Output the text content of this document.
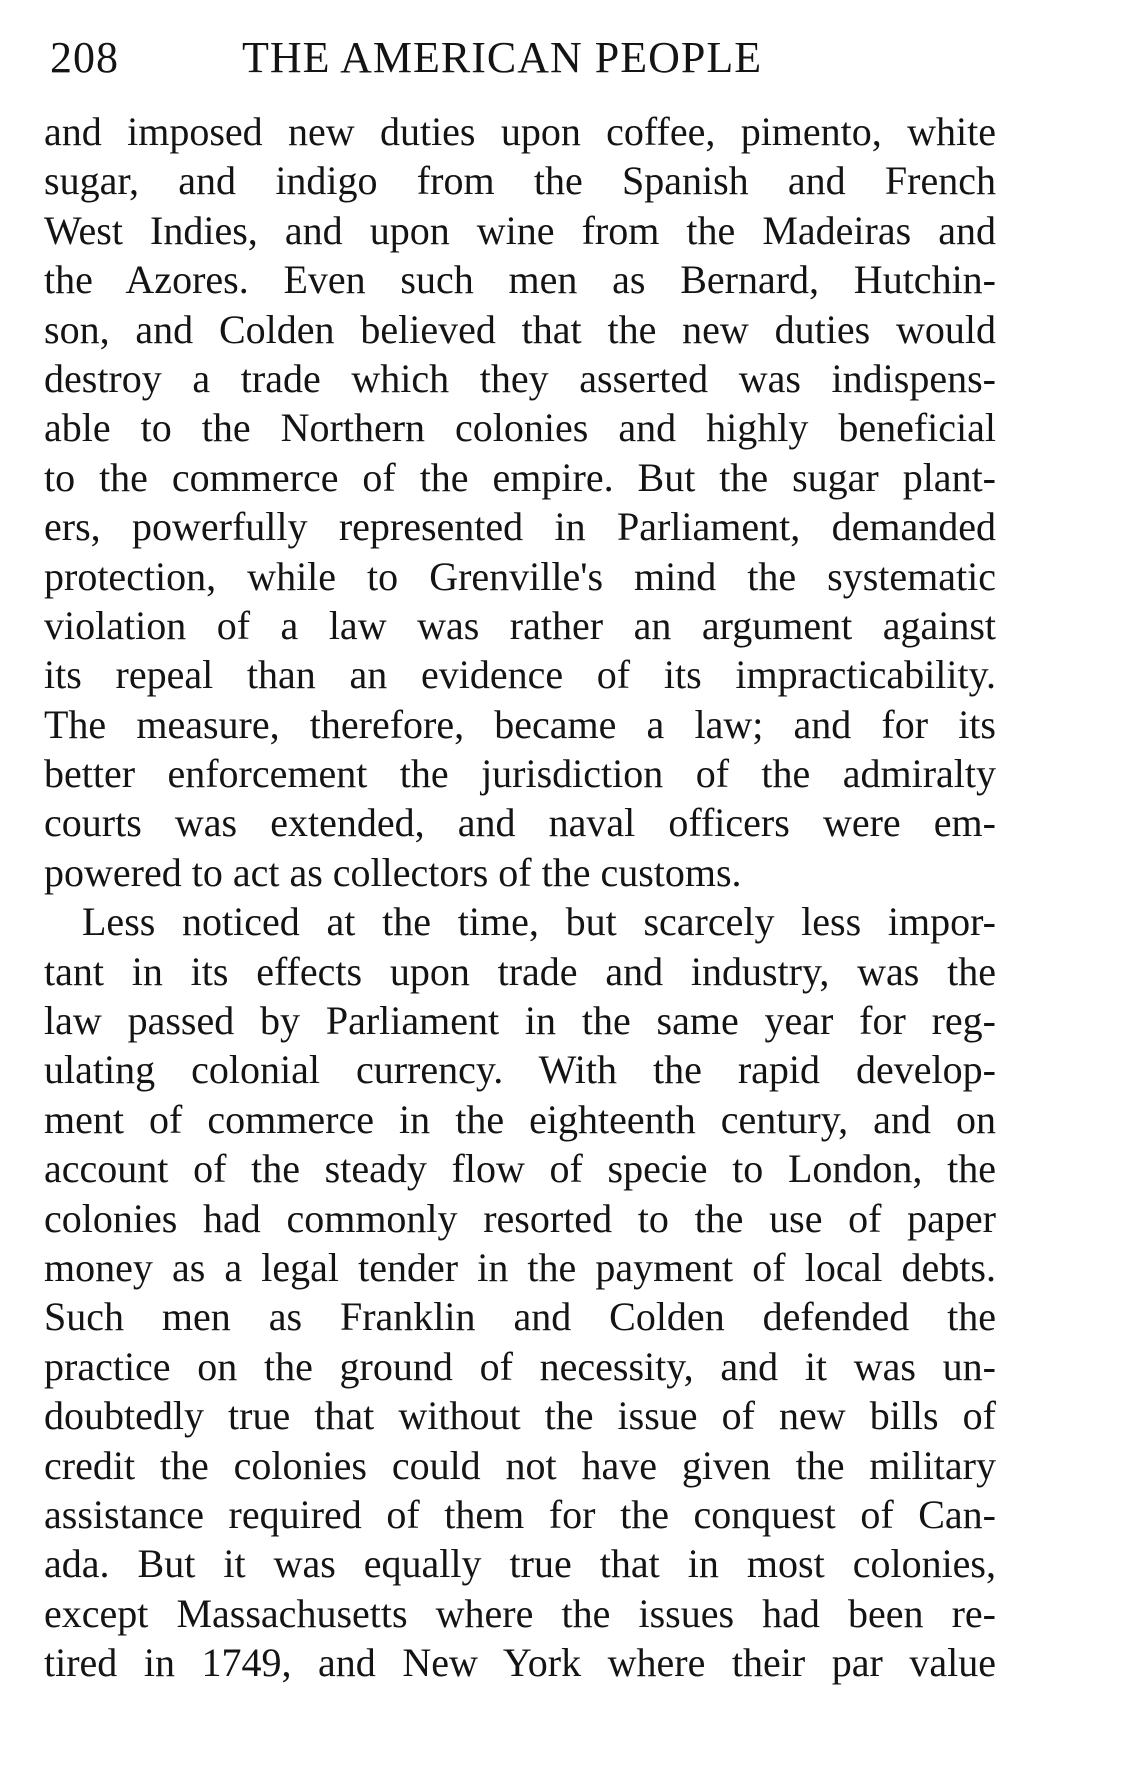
208	THE AMERICAN PEOPLE
and imposed new duties upon coffee, pimento, white
sugar, and indigo from the Spanish and French
West Indies, and upon wine from the Madeiras and
the Azores. Even such men as Bernard, Hutchin-
son, and Colden believed that the new duties would
destroy a trade which they asserted was indispens-
able to the Northern colonies and highly beneficial
to the commerce of the empire. But the sugar plant-
ers, powerfully represented in Parliament, demanded
protection, while to Grenville's mind the systematic
violation of a law was rather an argument against
its repeal than an evidence of its impracticability.
The measure, therefore, became a law; and for its
better enforcement the jurisdiction of the admiralty
courts was extended, and naval officers were em-
powered to act as collectors of the customs.
Less noticed at the time, but scarcely less impor-
tant in its effects upon trade and industry, was the
law passed by Parliament in the same year for reg-
ulating colonial currency. With the rapid develop-
ment of commerce in the eighteenth century, and on
account of the steady flow of specie to London, the
colonies had commonly resorted to the use of paper
money as a legal tender in the payment of local debts.
Such men as Franklin and Colden defended the
practice on the ground of necessity, and it was un-
doubtedly true that without the issue of new bills of
credit the colonies could not have given the military
assistance required of them for the conquest of Can-
ada. But it was equally true that in most colonies,
except Massachusetts where the issues had been re-
tired in 1749, and New York where their par value
